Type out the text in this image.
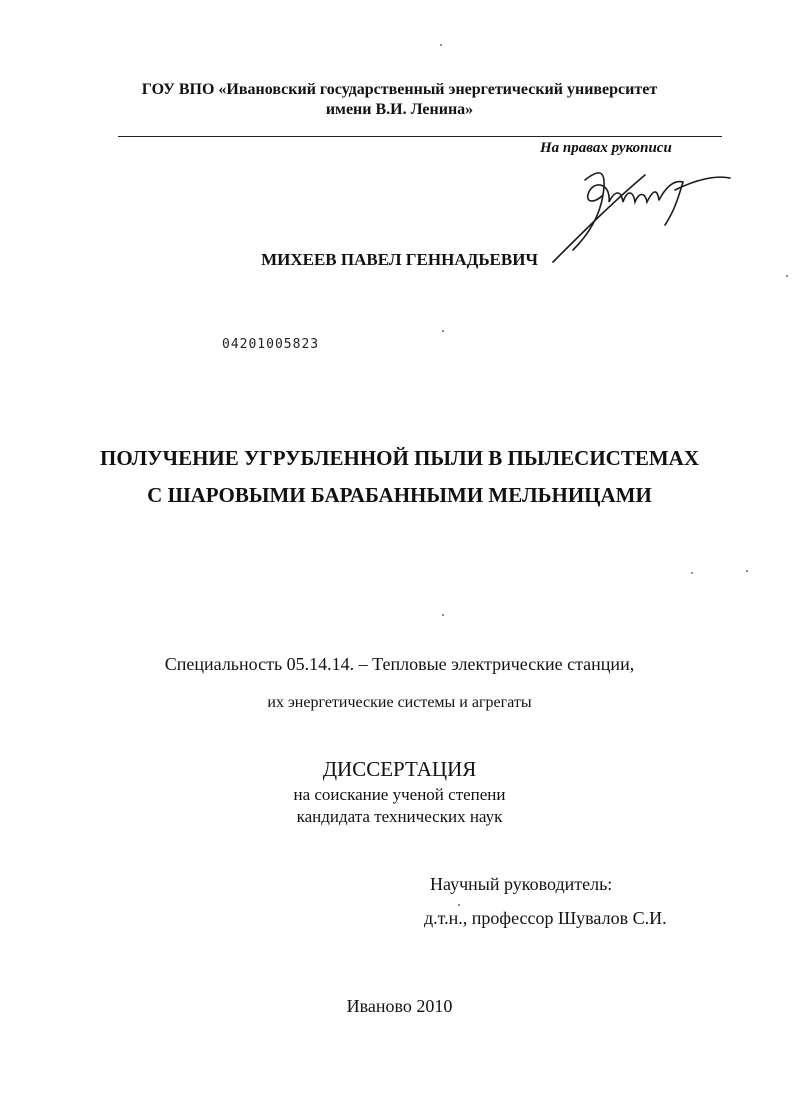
ГОУ ВПО «Ивановский государственный энергетический университет
имени В.И. Ленина»
На правах рукописи
МИХЕЕВ ПАВЕЛ ГЕННАДЬЕВИЧ
04201005823
ПОЛУЧЕНИЕ УГРУБЛЕННОЙ ПЫЛИ В ПЫЛЕСИСТЕМАХ
С ШАРОВЫМИ БАРАБАННЫМИ МЕЛЬНИЦАМИ
Специальность 05.14.14. – Тепловые электрические станции,
их энергетические системы и агрегаты
ДИССЕРТАЦИЯ
на соискание ученой степени
кандидата технических наук
Научный руководитель:
д.т.н., профессор Шувалов С.И.
Иваново 2010
